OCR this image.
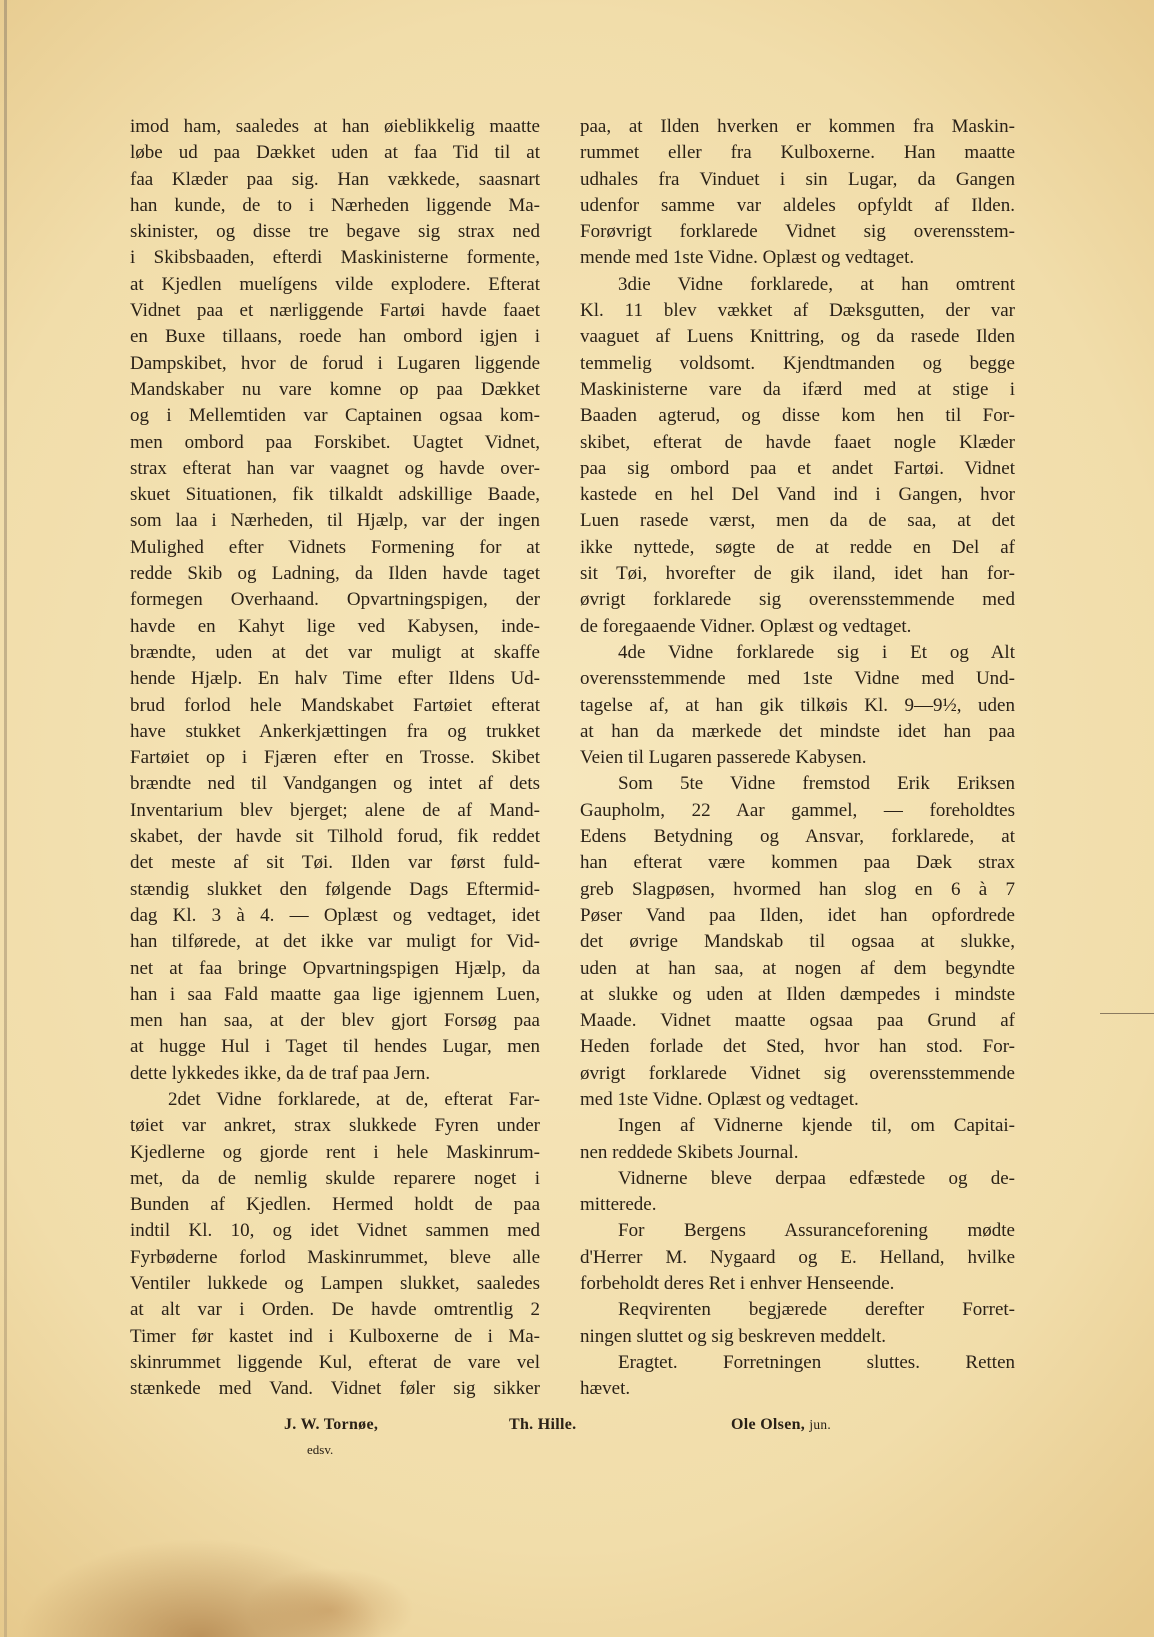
imod ham, saaledes at han øieblikkelig maatte
løbe ud paa Dækket uden at faa Tid til at
faa Klæder paa sig. Han vækkede, saasnart
han kunde, de to i Nærheden liggende Ma-
skinister, og disse tre begave sig strax ned
i Skibsbaaden, efterdi Maskinisterne formente,
at Kjedlen muelígens vilde explodere. Efterat
Vidnet paa et nærliggende Fartøi havde faaet
en Buxe tillaans, roede han ombord igjen i
Dampskibet, hvor de forud i Lugaren liggende
Mandskaber nu vare komne op paa Dækket
og i Mellemtiden var Captainen ogsaa kom-
men ombord paa Forskibet. Uagtet Vidnet,
strax efterat han var vaagnet og havde over-
skuet Situationen, fik tilkaldt adskillige Baade,
som laa i Nærheden, til Hjælp, var der ingen
Mulighed efter Vidnets Formening for at
redde Skib og Ladning, da Ilden havde taget
formegen Overhaand. Opvartningspigen, der
havde en Kahyt lige ved Kabysen, inde-
brændte, uden at det var muligt at skaffe
hende Hjælp. En halv Time efter Ildens Ud-
brud forlod hele Mandskabet Fartøiet efterat
have stukket Ankerkjættingen fra og trukket
Fartøiet op i Fjæren efter en Trosse. Skibet
brændte ned til Vandgangen og intet af dets
Inventarium blev bjerget; alene de af Mand-
skabet, der havde sit Tilhold forud, fik reddet
det meste af sit Tøi. Ilden var først fuld-
stændig slukket den følgende Dags Eftermid-
dag Kl. 3 à 4. — Oplæst og vedtaget, idet
han tilførede, at det ikke var muligt for Vid-
net at faa bringe Opvartningspigen Hjælp, da
han i saa Fald maatte gaa lige igjennem Luen,
men han saa, at der blev gjort Forsøg paa
at hugge Hul i Taget til hendes Lugar, men
dette lykkedes ikke, da de traf paa Jern.
2det Vidne forklarede, at de, efterat Far-
tøiet var ankret, strax slukkede Fyren under
Kjedlerne og gjorde rent i hele Maskinrum-
met, da de nemlig skulde reparere noget i
Bunden af Kjedlen. Hermed holdt de paa
indtil Kl. 10, og idet Vidnet sammen med
Fyrbøderne forlod Maskinrummet, bleve alle
Ventiler lukkede og Lampen slukket, saaledes
at alt var i Orden. De havde omtrentlig 2
Timer før kastet ind i Kulboxerne de i Ma-
skinrummet liggende Kul, efterat de vare vel
stænkede med Vand. Vidnet føler sig sikker
paa, at Ilden hverken er kommen fra Maskin-
rummet eller fra Kulboxerne. Han maatte
udhales fra Vinduet i sin Lugar, da Gangen
udenfor samme var aldeles opfyldt af Ilden.
Forøvrigt forklarede Vidnet sig overensstem-
mende med 1ste Vidne. Oplæst og vedtaget.
3die Vidne forklarede, at han omtrent
Kl. 11 blev vækket af Dæksgutten, der var
vaaguet af Luens Knittring, og da rasede Ilden
temmelig voldsomt. Kjendtmanden og begge
Maskinisterne vare da ifærd med at stige i
Baaden agterud, og disse kom hen til For-
skibet, efterat de havde faaet nogle Klæder
paa sig ombord paa et andet Fartøi. Vidnet
kastede en hel Del Vand ind i Gangen, hvor
Luen rasede værst, men da de saa, at det
ikke nyttede, søgte de at redde en Del af
sit Tøi, hvorefter de gik iland, idet han for-
øvrigt forklarede sig overensstemmende med
de foregaaende Vidner. Oplæst og vedtaget.
4de Vidne forklarede sig i Et og Alt
overensstemmende med 1ste Vidne med Und-
tagelse af, at han gik tilkøis Kl. 9—9½, uden
at han da mærkede det mindste idet han paa
Veien til Lugaren passerede Kabysen.
Som 5te Vidne fremstod Erik Eriksen
Gaupholm, 22 Aar gammel, — foreholdtes
Edens Betydning og Ansvar, forklarede, at
han efterat være kommen paa Dæk strax
greb Slagpøsen, hvormed han slog en 6 à 7
Pøser Vand paa Ilden, idet han opfordrede
det øvrige Mandskab til ogsaa at slukke,
uden at han saa, at nogen af dem begyndte
at slukke og uden at Ilden dæmpedes i mindste
Maade. Vidnet maatte ogsaa paa Grund af
Heden forlade det Sted, hvor han stod. For-
øvrigt forklarede Vidnet sig overensstemmende
med 1ste Vidne. Oplæst og vedtaget.
Ingen af Vidnerne kjende til, om Capitai-
nen reddede Skibets Journal.
Vidnerne bleve derpaa edfæstede og de-
mitterede.
For Bergens Assuranceforening mødte
d'Herrer M. Nygaard og E. Helland, hvilke
forbeholdt deres Ret i enhver Henseende.
Reqvirenten begjærede derefter Forret-
ningen sluttet og sig beskreven meddelt.
Eragtet. Forretningen sluttes. Retten
hævet.
J. W. Tornøe,
edsv.
Th. Hille.	Ole Olsen, jun.
